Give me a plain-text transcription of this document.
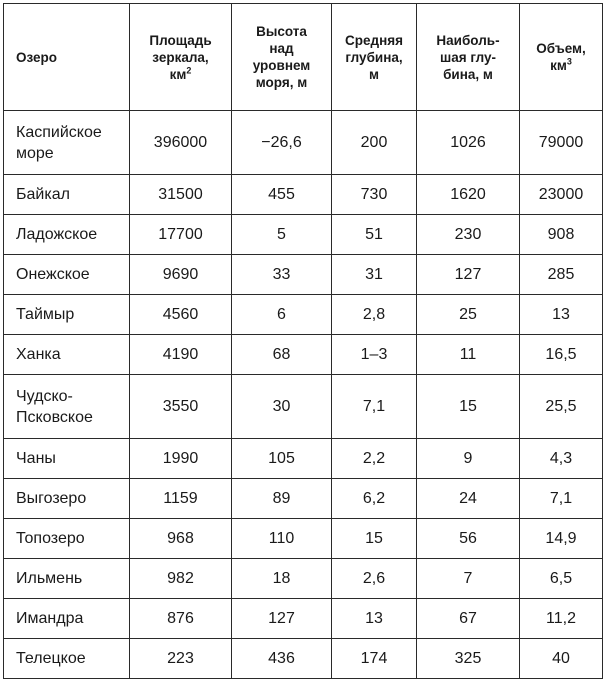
Озеро	Площадь
зеркала,
$км^2$	Высота
над
уровнем
моря, м	Средняя
глубина,
м	Наиболь-
шая глу-
бина, м	Объем,
$км^3$
Каспийское
море	396000	−26,6	200	1026	79000
Байкал	31500	455	730	1620	23000
Ладожское	17700	5	51	230	908
Онежское	9690	33	31	127	285
Таймыр	4560	6	2,8	25	13
Ханка	4190	68	1–3	11	16,5
Чудско-
Псковское	3550	30	7,1	15	25,5
Чаны	1990	105	2,2	9	4,3
Выгозеро	1159	89	6,2	24	7,1
Топозеро	968	110	15	56	14,9
Ильмень	982	18	2,6	7	6,5
Имандра	876	127	13	67	11,2
Телецкое	223	436	174	325	40
